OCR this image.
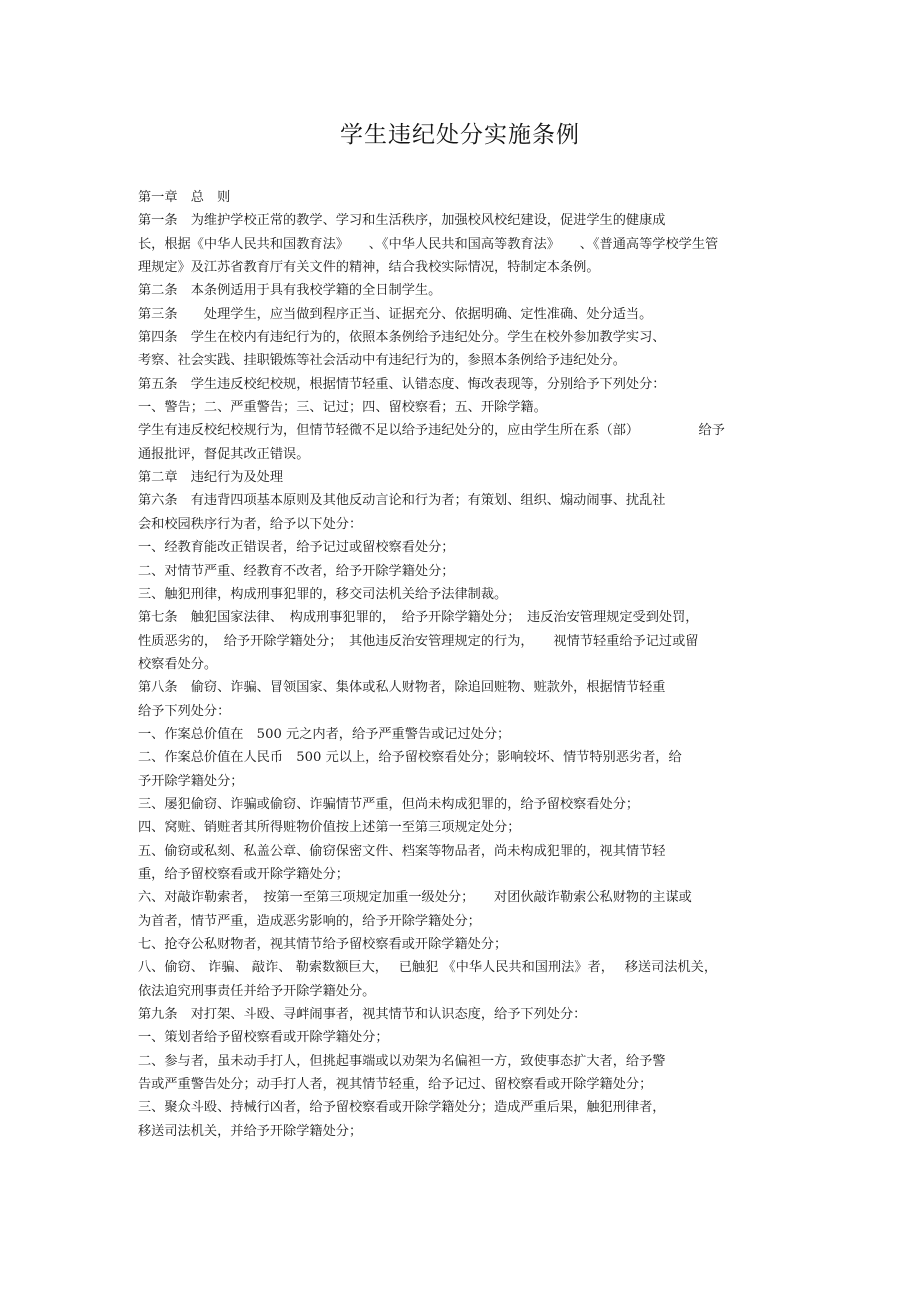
学生违纪处分实施条例
第一章　总　则
第一条　为维护学校正常的教学、学习和生活秩序，加强校风校纪建设，促进学生的健康成
长，根据《中华人民共和国教育法》　　、《中华人民共和国高等教育法》　　、《普通高等学校学生管
理规定》及江苏省教育厅有关文件的精神，结合我校实际情况，特制定本条例。
第二条　本条例适用于具有我校学籍的全日制学生。
第三条　　处理学生，应当做到程序正当、证据充分、依据明确、定性准确、处分适当。
第四条　学生在校内有违纪行为的，依照本条例给予违纪处分。学生在校外参加教学实习、
考察、社会实践、挂职锻炼等社会活动中有违纪行为的，参照本条例给予违纪处分。
第五条　学生违反校纪校规，根据情节轻重、认错态度、悔改表现等，分别给予下列处分：
一、警告；二、严重警告；三、记过；四、留校察看；五、开除学籍。
学生有违反校纪校规行为，但情节轻微不足以给予违纪处分的，应由学生所在系（部）　　　　　给予
通报批评，督促其改正错误。
第二章　违纪行为及处理
第六条　有违背四项基本原则及其他反动言论和行为者；有策划、组织、煽动闹事、扰乱社
会和校园秩序行为者，给予以下处分：
一、经教育能改正错误者，给予记过或留校察看处分；
二、对情节严重、经教育不改者，给予开除学籍处分；
三、触犯刑律，构成刑事犯罪的，移交司法机关给予法律制裁。
第七条　触犯国家法律、　构成刑事犯罪的，　给予开除学籍处分；　违反治安管理规定受到处罚，
性质恶劣的，　给予开除学籍处分；　其他违反治安管理规定的行为，　　视情节轻重给予记过或留
校察看处分。
第八条　偷窃、诈骗、冒领国家、集体或私人财物者，除追回赃物、赃款外，根据情节轻重
给予下列处分：
一、作案总价值在　500 元之内者，给予严重警告或记过处分；
二、作案总价值在人民币　500 元以上，给予留校察看处分；影响较坏、情节特别恶劣者，给
予开除学籍处分；
三、屡犯偷窃、诈骗或偷窃、诈骗情节严重，但尚未构成犯罪的，给予留校察看处分；
四、窝赃、销赃者其所得赃物价值按上述第一至第三项规定处分；
五、偷窃或私刻、私盖公章、偷窃保密文件、档案等物品者，尚未构成犯罪的，视其情节轻
重，给予留校察看或开除学籍处分；
六、对敲诈勒索者，　按第一至第三项规定加重一级处分；　　对团伙敲诈勒索公私财物的主谋或
为首者，情节严重，造成恶劣影响的，给予开除学籍处分；
七、抢夺公私财物者，视其情节给予留校察看或开除学籍处分；
八、偷窃、 诈骗、 敲诈、 勒索数额巨大，　 已触犯 《中华人民共和国刑法》者，　 移送司法机关，
依法追究刑事责任并给予开除学籍处分。
第九条　对打架、斗殴、寻衅闹事者，视其情节和认识态度，给予下列处分：
一、策划者给予留校察看或开除学籍处分；
二、参与者，虽未动手打人，但挑起事端或以劝架为名偏袒一方，致使事态扩大者，给予警
告或严重警告处分；动手打人者，视其情节轻重，给予记过、留校察看或开除学籍处分；
三、聚众斗殴、持械行凶者，给予留校察看或开除学籍处分；造成严重后果，触犯刑律者，
移送司法机关，并给予开除学籍处分；
